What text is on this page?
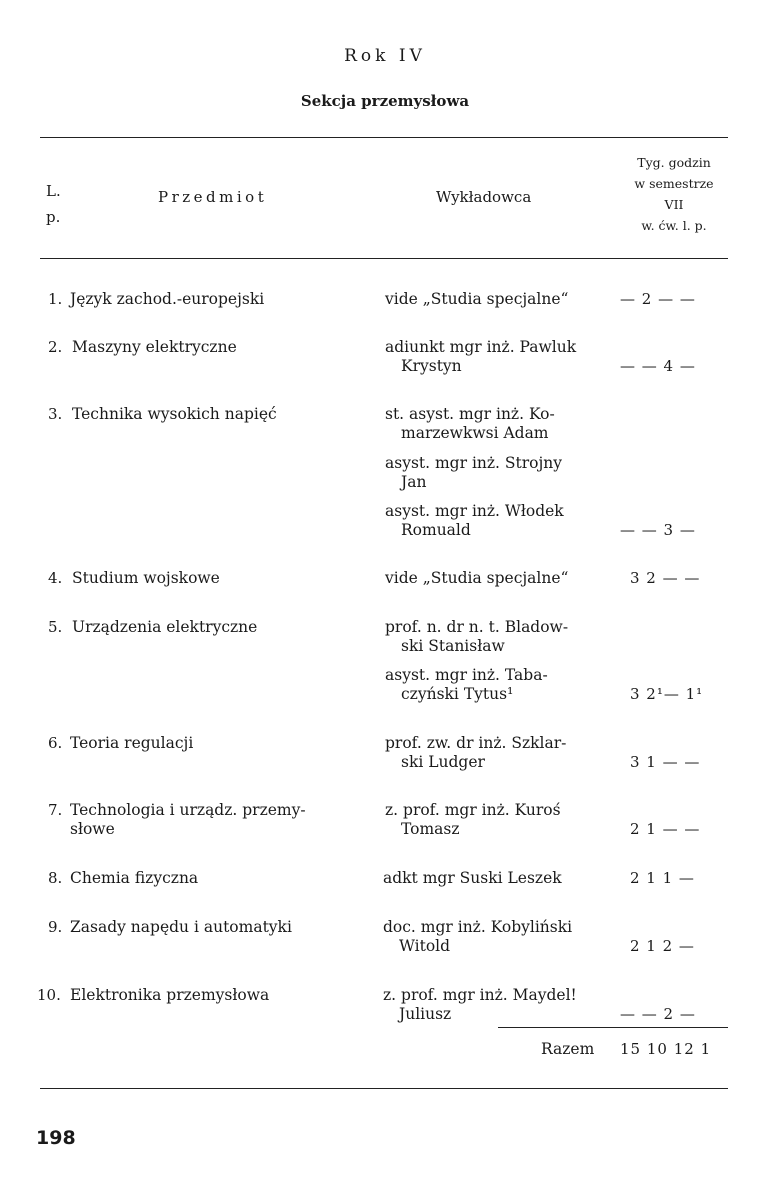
Rok IV
Sekcja przemysłowa
L.
p.
Przedmiot	Wykładowca
Tyg. godzin
w semestrze
VII
w. ćw. l. p.
1. Język zachod.-europejski	vide „Studia specjalne“	— 2 — —
2. Maszyny elektryczne	adiunkt mgr inż. Pawluk
Krystyn	— — 4 —
3. Technika wysokich napięć	st. asyst. mgr inż. Ko-
marzewkwsi Adam
asyst. mgr inż. Strojny
Jan
asyst. mgr inż. Włodek
Romuald	— — 3 —
4. Studium wojskowe	vide „Studia specjalne“	3 2 — —
5. Urządzenia elektryczne	prof. n. dr n. t. Bladow-
ski Stanisław
asyst. mgr inż. Taba-
czyński Tytus¹	3 2¹— 1¹
6. Teoria regulacji	prof. zw. dr inż. Szklar-
ski Ludger	3 1 — —
7. Technologia i urządz. przemy-
słowe
z. prof. mgr inż. Kuroś
Tomasz	2 1 — —
8. Chemia fizyczna	adkt mgr Suski Leszek	2 1 1 —
9. Zasady napędu i automatyki	doc. mgr inż. Kobyliński
Witold	2 1 2 —
10. Elektronika przemysłowa	z. prof. mgr inż. Maydel!
Juliusz	— — 2 —
Razem 15 10 12 1
198
